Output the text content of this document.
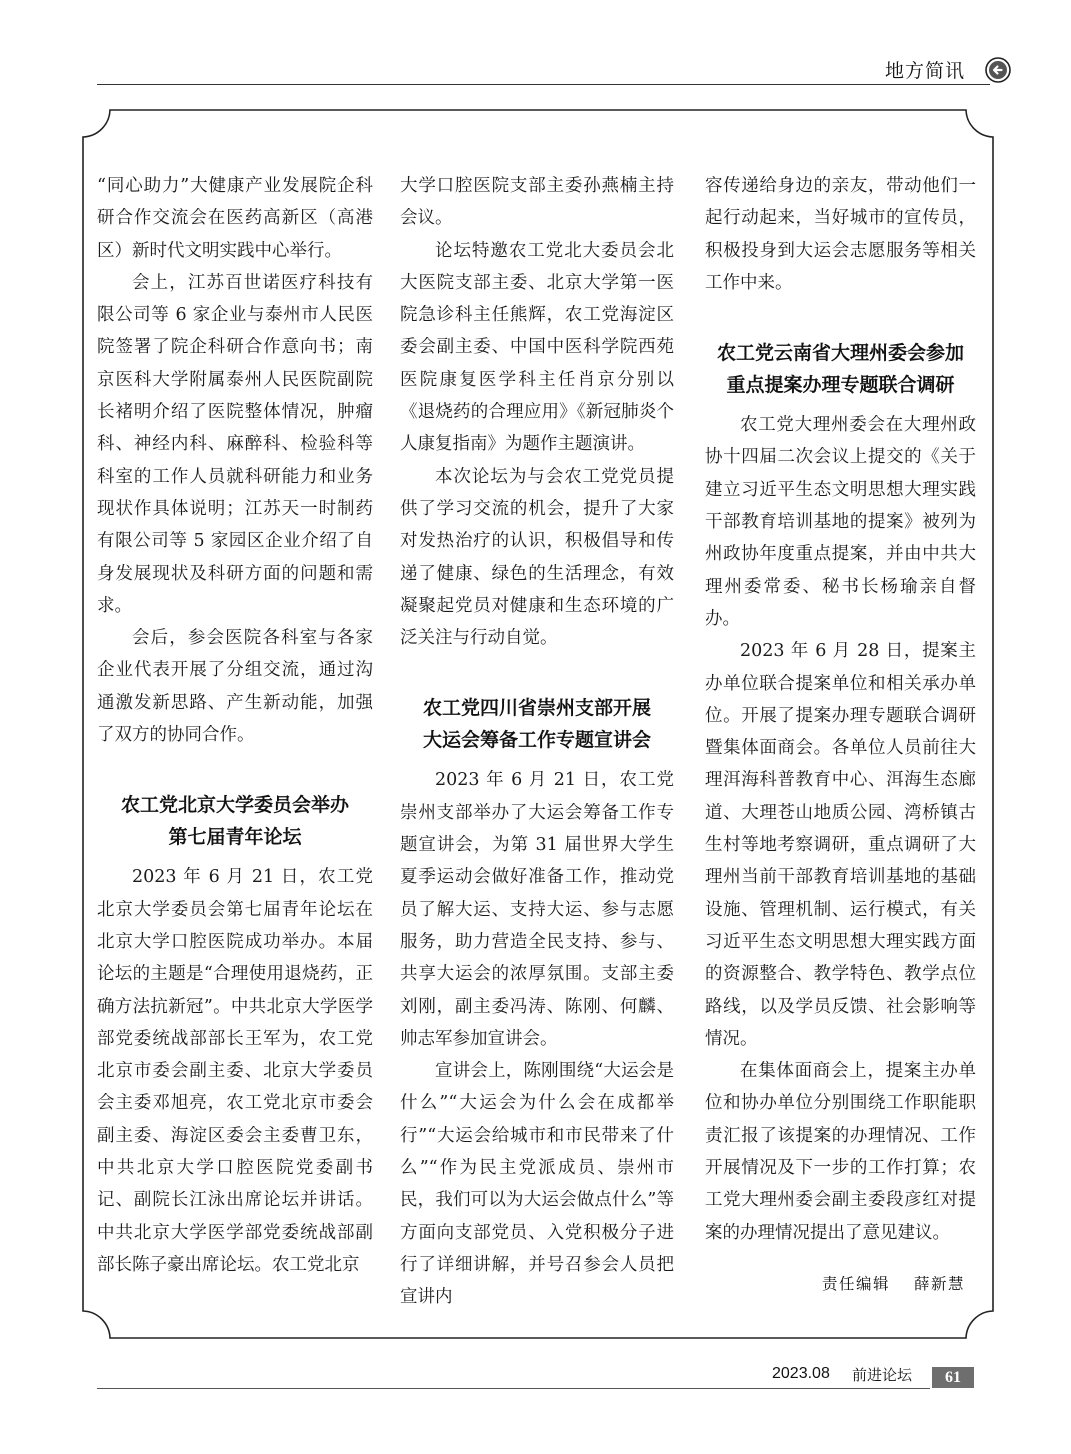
地方简讯

“同心助力”大健康产业发展院企科研合作交流会在医药高新区（高港区）新时代文明实践中心举行。

会上，江苏百世诺医疗科技有限公司等 6 家企业与泰州市人民医院签署了院企科研合作意向书；南京医科大学附属泰州人民医院副院长褚明介绍了医院整体情况，肿瘤科、神经内科、麻醉科、检验科等科室的工作人员就科研能力和业务现状作具体说明；江苏天一时制药有限公司等 5 家园区企业介绍了自身发展现状及科研方面的问题和需求。

会后，参会医院各科室与各家企业代表开展了分组交流，通过沟通激发新思路、产生新动能，加强了双方的协同合作。

农工党北京大学委员会举办
第七届青年论坛

2023 年 6 月 21 日，农工党北京大学委员会第七届青年论坛在北京大学口腔医院成功举办。本届论坛的主题是“合理使用退烧药，正确方法抗新冠”。中共北京大学医学部党委统战部部长王军为，农工党北京市委会副主委、北京大学委员会主委邓旭亮，农工党北京市委会副主委、海淀区委会主委曹卫东，中共北京大学口腔医院党委副书记、副院长江泳出席论坛并讲话。中共北京大学医学部党委统战部副部长陈子豪出席论坛。农工党北京

大学口腔医院支部主委孙燕楠主持会议。

论坛特邀农工党北大委员会北大医院支部主委、北京大学第一医院急诊科主任熊辉，农工党海淀区委会副主委、中国中医科学院西苑医院康复医学科主任肖京分别以《退烧药的合理应用》《新冠肺炎个人康复指南》为题作主题演讲。

本次论坛为与会农工党党员提供了学习交流的机会，提升了大家对发热治疗的认识，积极倡导和传递了健康、绿色的生活理念，有效凝聚起党员对健康和生态环境的广泛关注与行动自觉。

农工党四川省崇州支部开展
大运会筹备工作专题宣讲会

2023 年 6 月 21 日，农工党崇州支部举办了大运会筹备工作专题宣讲会，为第 31 届世界大学生夏季运动会做好准备工作，推动党员了解大运、支持大运、参与志愿服务，助力营造全民支持、参与、共享大运会的浓厚氛围。支部主委刘刚，副主委冯涛、陈刚、何麟、帅志军参加宣讲会。

宣讲会上，陈刚围绕“大运会是什么”“大运会为什么会在成都举行”“大运会给城市和市民带来了什么”“作为民主党派成员、崇州市民，我们可以为大运会做点什么”等方面向支部党员、入党积极分子进行了详细讲解，并号召参会人员把宣讲内

容传递给身边的亲友，带动他们一起行动起来，当好城市的宣传员，积极投身到大运会志愿服务等相关工作中来。

农工党云南省大理州委会参加
重点提案办理专题联合调研

农工党大理州委会在大理州政协十四届二次会议上提交的《关于建立习近平生态文明思想大理实践干部教育培训基地的提案》被列为州政协年度重点提案，并由中共大理州委常委、秘书长杨瑜亲自督办。

2023 年 6 月 28 日，提案主办单位联合提案单位和相关承办单位。开展了提案办理专题联合调研暨集体面商会。各单位人员前往大理洱海科普教育中心、洱海生态廊道、大理苍山地质公园、湾桥镇古生村等地考察调研，重点调研了大理州当前干部教育培训基地的基础设施、管理机制、运行模式，有关习近平生态文明思想大理实践方面的资源整合、教学特色、教学点位路线，以及学员反馈、社会影响等情况。

在集体面商会上，提案主办单位和协办单位分别围绕工作职能职责汇报了该提案的办理情况、工作开展情况及下一步的工作打算；农工党大理州委会副主委段彦红对提案的办理情况提出了意见建议。

责任编辑 薛新慧
2023.08 前进论坛	61
